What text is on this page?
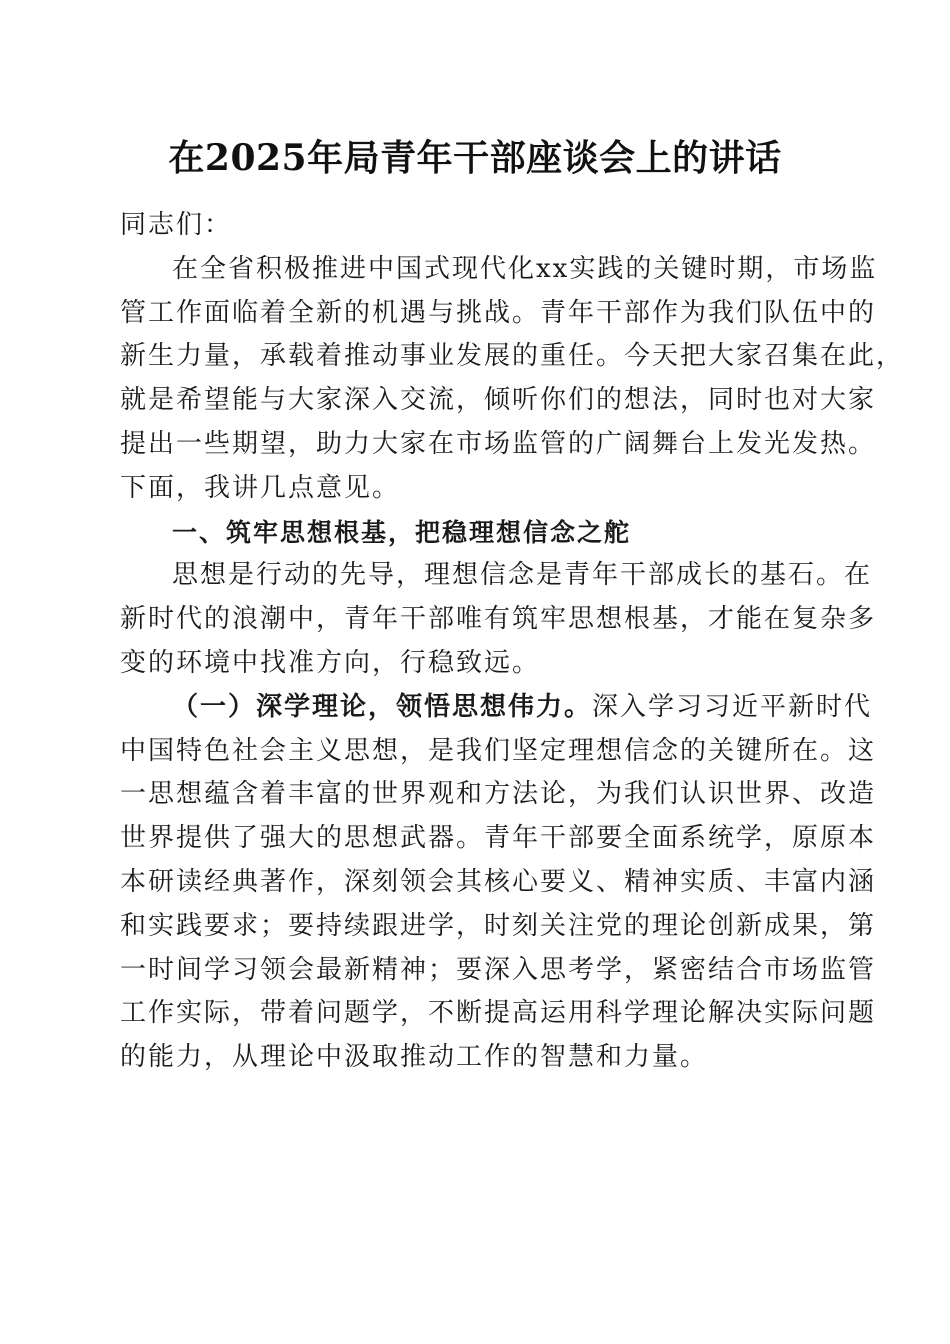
在2025年局青年干部座谈会上的讲话
同志们：
在全省积极推进中国式现代化xx实践的关键时期，市场监
管工作面临着全新的机遇与挑战。青年干部作为我们队伍中的
新生力量，承载着推动事业发展的重任。今天把大家召集在此，
就是希望能与大家深入交流，倾听你们的想法，同时也对大家
提出一些期望，助力大家在市场监管的广阔舞台上发光发热。
下面，我讲几点意见。
一、筑牢思想根基，把稳理想信念之舵
思想是行动的先导，理想信念是青年干部成长的基石。在
新时代的浪潮中，青年干部唯有筑牢思想根基，才能在复杂多
变的环境中找准方向，行稳致远。
（一）深学理论，领悟思想伟力。深入学习习近平新时代
中国特色社会主义思想，是我们坚定理想信念的关键所在。这
一思想蕴含着丰富的世界观和方法论，为我们认识世界、改造
世界提供了强大的思想武器。青年干部要全面系统学，原原本
本研读经典著作，深刻领会其核心要义、精神实质、丰富内涵
和实践要求；要持续跟进学，时刻关注党的理论创新成果，第
一时间学习领会最新精神；要深入思考学，紧密结合市场监管
工作实际，带着问题学，不断提高运用科学理论解决实际问题
的能力，从理论中汲取推动工作的智慧和力量。
